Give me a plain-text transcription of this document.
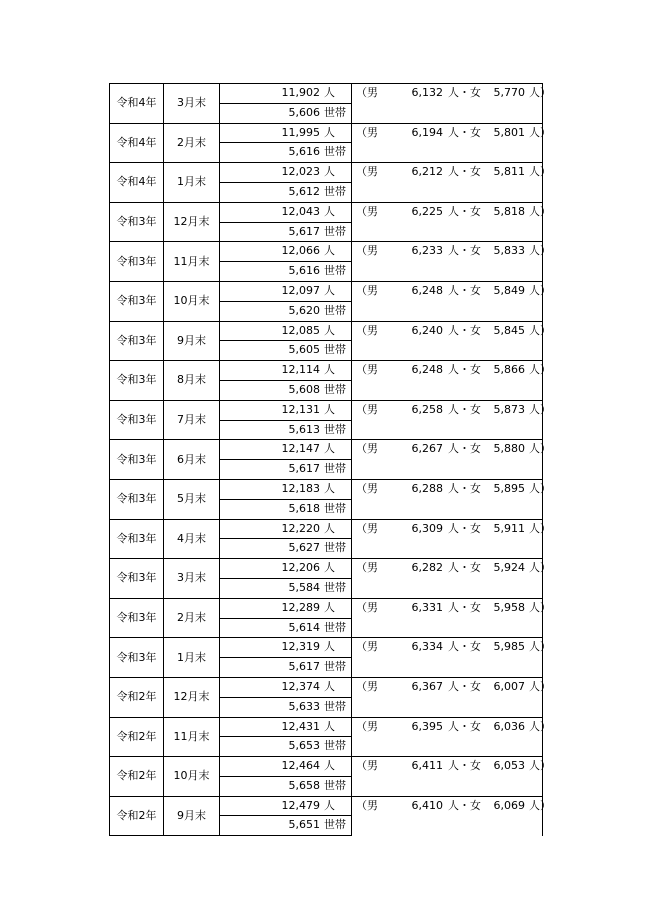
令和4年	3月末	11,902 人	（男 6,132 人・女 5,770 人）

		5,606 世帯	

令和4年	2月末	11,995 人	（男 6,194 人・女 5,801 人）

		5,616 世帯	

令和4年	1月末	12,023 人	（男 6,212 人・女 5,811 人）

		5,612 世帯	

令和3年	12月末	12,043 人	（男 6,225 人・女 5,818 人）

		5,617 世帯	

令和3年	11月末	12,066 人	（男 6,233 人・女 5,833 人）

		5,616 世帯	

令和3年	10月末	12,097 人	（男 6,248 人・女 5,849 人）

		5,620 世帯	

令和3年	9月末	12,085 人	（男 6,240 人・女 5,845 人）

		5,605 世帯	

令和3年	8月末	12,114 人	（男 6,248 人・女 5,866 人）

		5,608 世帯	

令和3年	7月末	12,131 人	（男 6,258 人・女 5,873 人）

		5,613 世帯	

令和3年	6月末	12,147 人	（男 6,267 人・女 5,880 人）

		5,617 世帯	

令和3年	5月末	12,183 人	（男 6,288 人・女 5,895 人）

		5,618 世帯	

令和3年	4月末	12,220 人	（男 6,309 人・女 5,911 人）

		5,627 世帯	

令和3年	3月末	12,206 人	（男 6,282 人・女 5,924 人）

		5,584 世帯	

令和3年	2月末	12,289 人	（男 6,331 人・女 5,958 人）

		5,614 世帯	

令和3年	1月末	12,319 人	（男 6,334 人・女 5,985 人）

		5,617 世帯	

令和2年	12月末	12,374 人	（男 6,367 人・女 6,007 人）

		5,633 世帯	

令和2年	11月末	12,431 人	（男 6,395 人・女 6,036 人）

		5,653 世帯	

令和2年	10月末	12,464 人	（男 6,411 人・女 6,053 人）

		5,658 世帯	

令和2年	9月末	12,479 人	（男 6,410 人・女 6,069 人）

		5,651 世帯	
